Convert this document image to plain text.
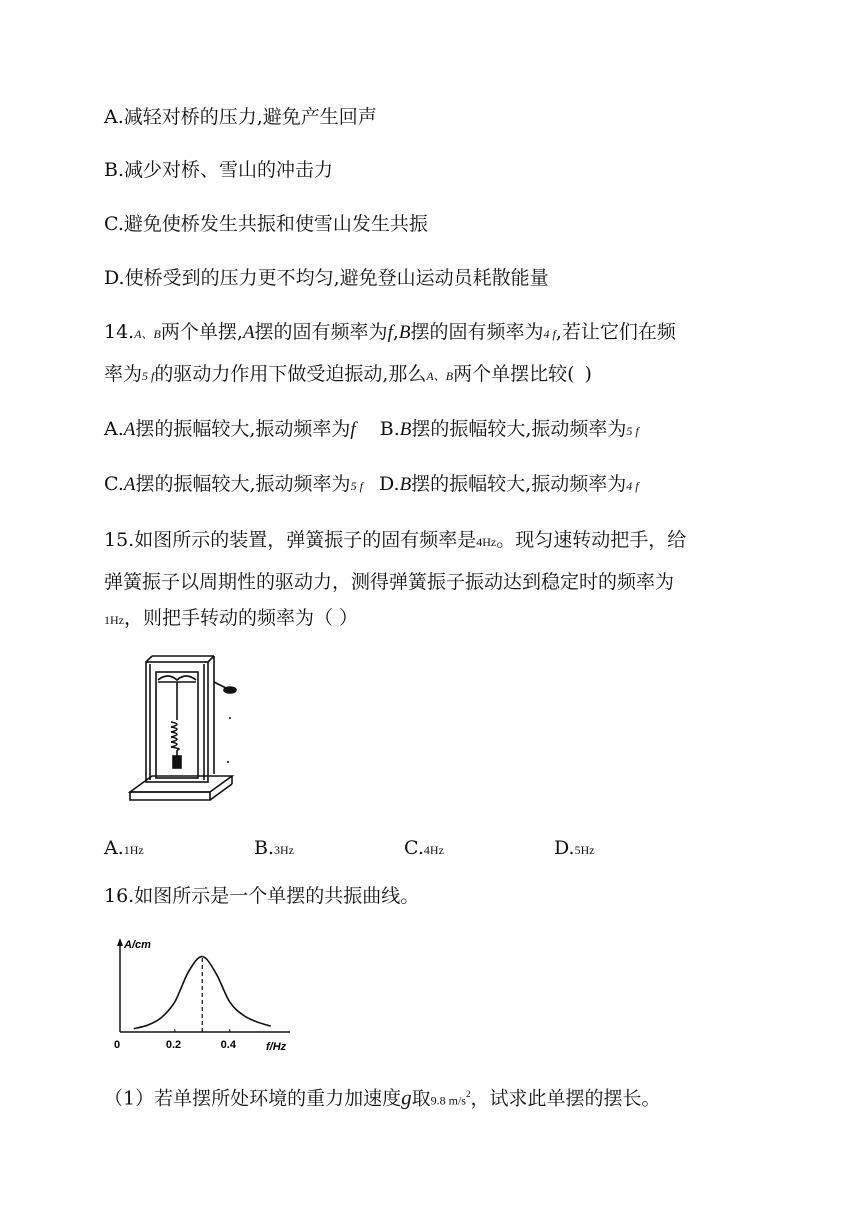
A.减轻对桥的压力,避免产生回声
B.减少对桥、雪山的冲击力
C.避免使桥发生共振和使雪山发生共振
D.使桥受到的压力更不均匀,避免登山运动员耗散能量
14.A、B两个单摆,A摆的固有频率为f,B摆的固有频率为4 f,若让它们在频
率为5 f的驱动力作用下做受迫振动,那么A、B两个单摆比较( )
A.A摆的振幅较大,振动频率为f B.B摆的振幅较大,振动频率为5 f
C.A摆的振幅较大,振动频率为5 f D.B摆的振幅较大,振动频率为4 f
15.如图所示的装置，弹簧振子的固有频率是4Hz。现匀速转动把手，给
弹簧振子以周期性的驱动力，测得弹簧振子振动达到稳定时的频率为
1Hz，则把手转动的频率为（ ）
A.1Hz	B.3Hz	C.4Hz	D.5Hz
16.如图所示是一个单摆的共振曲线。
A/cm
f/Hz
0	0.2	0.4
（1）若单摆所处环境的重力加速度g取9.8 $m/s^2$，试求此单摆的摆长。
